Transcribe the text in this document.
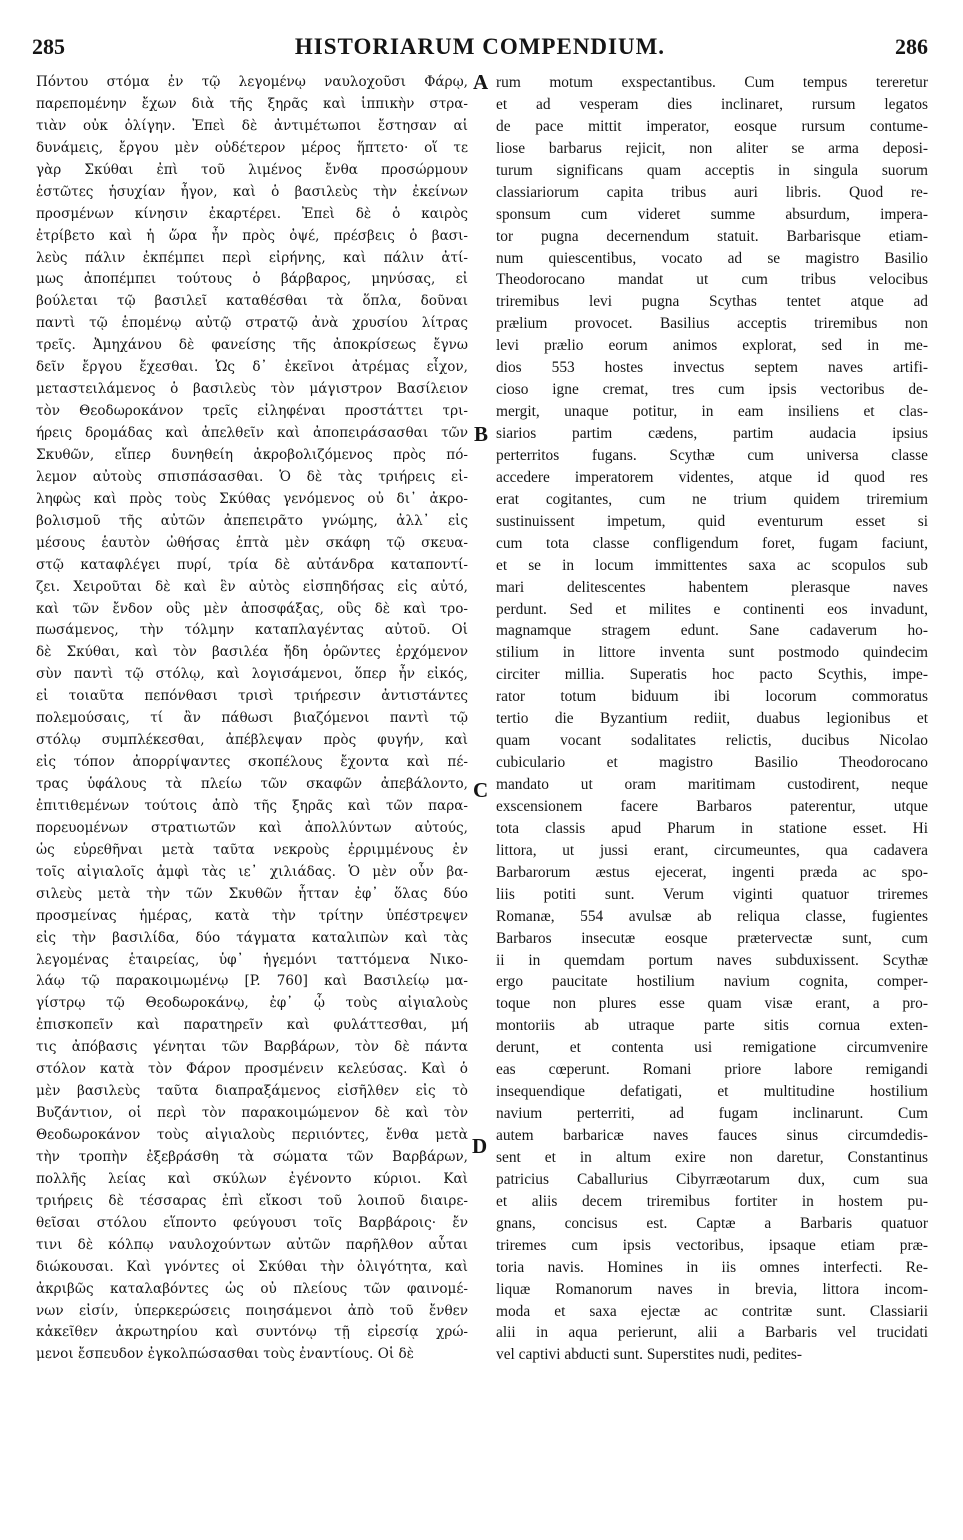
285	HISTORIARUM COMPENDIUM.	286
Πόντου στόμα ἐν τῷ λεγομένῳ ναυλοχοῦσι Φάρῳ,
παρεπομένην ἔχων διὰ τῆς ξηρᾶς καὶ ἱππικὴν στρα-
τιὰν οὐκ ὀλίγην. Ἐπεὶ δὲ ἀντιμέτωποι ἔστησαν αἱ
δυνάμεις, ἔργου μὲν οὐδέτερον μέρος ἥπτετο· οἵ τε
γὰρ Σκύθαι ἐπὶ τοῦ λιμένος ἔνθα προσώρμουν
ἑστῶτες ἡσυχίαν ἦγον, καὶ ὁ βασιλεὺς τὴν ἐκείνων
προσμένων κίνησιν ἐκαρτέρει. Ἐπεὶ δὲ ὁ καιρὸς
ἐτρίβετο καὶ ἡ ὥρα ἦν πρὸς ὀψέ, πρέσβεις ὁ βασι-
λεὺς πάλιν ἐκπέμπει περὶ εἰρήνης, καὶ πάλιν ἀτί-
μως ἀποπέμπει τούτους ὁ βάρβαρος, μηνύσας, εἰ
βούλεται τῷ βασιλεῖ καταθέσθαι τὰ ὅπλα, δοῦναι
παντὶ τῷ ἑπομένῳ αὐτῷ στρατῷ ἀνὰ χρυσίου λίτρας
τρεῖς. Ἀμηχάνου δὲ φανείσης τῆς ἀποκρίσεως ἔγνω
δεῖν ἔργου ἔχεσθαι. Ὡς δ᾽ ἐκεῖνοι ἀτρέμας εἶχον,
μεταστειλάμενος ὁ βασιλεὺς τὸν μάγιστρον Βασίλειον
τὸν Θεοδωροκάνον τρεῖς εἰληφέναι προστάττει τρι-
ήρεις δρομάδας καὶ ἀπελθεῖν καὶ ἀποπειράσασθαι τῶν
Σκυθῶν, εἴπερ δυνηθείη ἀκροβολιζόμενος πρὸς πό-
λεμον αὐτοὺς σπισπάσασθαι. Ὁ δὲ τὰς τριήρεις εἰ-
ληφὼς καὶ πρὸς τοὺς Σκύθας γενόμενος οὐ δι᾽ ἀκρο-
βολισμοῦ τῆς αὐτῶν ἀπεπειρᾶτο γνώμης, ἀλλ᾽ εἰς
μέσους ἑαυτὸν ὠθήσας ἑπτὰ μὲν σκάφη τῷ σκευα-
στῷ καταφλέγει πυρί, τρία δὲ αὐτάνδρα καταποντί-
ζει. Χειροῦται δὲ καὶ ἓν αὐτὸς εἰσπηδήσας εἰς αὐτό,
καὶ τῶν ἔνδον οὓς μὲν ἀποσφάξας, οὓς δὲ καὶ τρο-
πωσάμενος, τὴν τόλμην καταπλαγέντας αὐτοῦ. Οἱ
δὲ Σκύθαι, καὶ τὸν βασιλέα ἤδη ὁρῶντες ἐρχόμενον
σὺν παντὶ τῷ στόλῳ, καὶ λογισάμενοι, ὅπερ ἦν εἰκός,
εἰ τοιαῦτα πεπόνθασι τρισὶ τριήρεσιν ἀντιστάντες
πολεμούσαις, τί ἂν πάθωσι βιαζόμενοι παντὶ τῷ
στόλῳ συμπλέκεσθαι, ἀπέβλεψαν πρὸς φυγήν, καὶ
εἰς τόπον ἀπορρίψαντες σκοπέλους ἔχοντα καὶ πέ-
τρας ὑφάλους τὰ πλείω τῶν σκαφῶν ἀπεβάλοντο,
ἐπιτιθεμένων τούτοις ἀπὸ τῆς ξηρᾶς καὶ τῶν παρα-
πορευομένων στρατιωτῶν καὶ ἀπολλύντων αὐτούς,
ὡς εὑρεθῆναι μετὰ ταῦτα νεκροὺς ἐρριμμένους ἐν
τοῖς αἰγιαλοῖς ἀμφὶ τὰς ιε᾽ χιλιάδας. Ὁ μὲν οὖν βα-
σιλεὺς μετὰ τὴν τῶν Σκυθῶν ἧτταν ἐφ᾽ ὅλας δύο
προσμείνας ἡμέρας, κατὰ τὴν τρίτην ὑπέστρεψεν
εἰς τὴν βασιλίδα, δύο τάγματα καταλιπὼν καὶ τὰς
λεγομένας ἑταιρείας, ὑφ᾽ ἡγεμόνι ταττόμενα Νικο-
λάῳ τῷ παρακοιμωμένῳ [P. 760] καὶ Βασιλείῳ μα-
γίστρῳ τῷ Θεοδωροκάνῳ, ἐφ᾽ ᾧ τοὺς αἰγιαλοὺς
ἐπισκοπεῖν καὶ παρατηρεῖν καὶ φυλάττεσθαι, μή
τις ἀπόβασις γένηται τῶν Βαρβάρων, τὸν δὲ πάντα
στόλον κατὰ τὸν Φάρον προσμένειν κελεύσας. Καὶ ὁ
μὲν βασιλεὺς ταῦτα διαπραξάμενος εἰσῆλθεν εἰς τὸ
Βυζάντιον, οἱ περὶ τὸν παρακοιμώμενον δὲ καὶ τὸν
Θεοδωροκάνον τοὺς αἰγιαλοὺς περιιόντες, ἔνθα μετὰ
τὴν τροπὴν ἐξεβράσθη τὰ σώματα τῶν Βαρβάρων,
πολλῆς λείας καὶ σκύλων ἐγένοντο κύριοι. Καὶ
τριήρεις δὲ τέσσαρας ἐπὶ εἴκοσι τοῦ λοιποῦ διαιρε-
θεῖσαι στόλου εἵποντο φεύγουσι τοῖς Βαρβάροις· ἔν
τινι δὲ κόλπῳ ναυλοχούντων αὐτῶν παρῆλθον αὗται
διώκουσαι. Καὶ γνόντες οἱ Σκύθαι τὴν ὀλιγότητα, καὶ
ἀκριβῶς καταλαβόντες ὡς οὐ πλείους τῶν φαινομέ-
νων εἰσίν, ὑπερκερώσεις ποιησάμενοι ἀπὸ τοῦ ἔνθεν
κἀκεῖθεν ἀκρωτηρίου καὶ συντόνῳ τῇ εἰρεσίᾳ χρώ-
μενοι ἔσπευδον ἐγκολπώσασθαι τοὺς ἐναντίους. Οἱ δὲ
rum motum exspectantibus. Cum tempus tereretur
et ad vesperam dies inclinaret, rursum legatos
de pace mittit imperator, eosque rursum contume-
liose barbarus rejicit, non aliter se arma deposi-
turum significans quam acceptis in singula suorum
classiariorum capita tribus auri libris. Quod re-
sponsum cum videret summe absurdum, impera-
tor pugna decernendum statuit. Barbarisque etiam-
num quiescentibus, vocato ad se magistro Basilio
Theodorocano mandat ut cum tribus velocibus
triremibus levi pugna Scythas tentet atque ad
prælium provocet. Basilius acceptis triremibus non
levi prælio eorum animos explorat, sed in me-
dios 553 hostes invectus septem naves artifi-
cioso igne cremat, tres cum ipsis vectoribus de-
mergit, unaque potitur, in eam insiliens et clas-
siarios partim cædens, partim audacia ipsius
perterritos fugans. Scythæ cum universa classe
accedere imperatorem videntes, atque id quod res
erat cogitantes, cum ne trium quidem triremium
sustinuissent impetum, quid eventurum esset si
cum tota classe confligendum foret, fugam faciunt,
et se in locum immittentes saxa ac scopulos sub
mari delitescentes habentem plerasque naves
perdunt. Sed et milites e continenti eos invadunt,
magnamque stragem edunt. Sane cadaverum ho-
stilium in littore inventa sunt postmodo quindecim
circiter millia. Superatis hoc pacto Scythis, impe-
rator totum biduum ibi locorum commoratus
tertio die Byzantium rediit, duabus legionibus et
quam vocant sodalitates relictis, ducibus Nicolao
cubiculario et magistro Basilio Theodorocano
mandato ut oram maritimam custodirent, neque
exscensionem facere Barbaros paterentur, utque
tota classis apud Pharum in statione esset. Hi
littora, ut jussi erant, circumeuntes, qua cadavera
Barbarorum æstus ejecerat, ingenti præda ac spo-
liis potiti sunt. Verum viginti quatuor triremes
Romanæ, 554 avulsæ ab reliqua classe, fugientes
Barbaros insecutæ eosque prætervectæ sunt, cum
ii in quemdam portum naves subduxissent. Scythæ
ergo paucitate hostilium navium cognita, comper-
toque non plures esse quam visæ erant, a pro-
montoriis ab utraque parte sitis cornua exten-
derunt, et contenta usi remigatione circumvenire
eas cœperunt. Romani priore labore remigandi
insequendique defatigati, et multitudine hostilium
navium perterriti, ad fugam inclinarunt. Cum
autem barbaricæ naves fauces sinus circumdedis-
sent et in altum exire non daretur, Constantinus
patricius Caballurius Cibyrræotarum dux, cum sua
et aliis decem triremibus fortiter in hostem pu-
gnans, concisus est. Captæ a Barbaris quatuor
triremes cum ipsis vectoribus, ipsaque etiam præ-
toria navis. Homines in iis omnes interfecti. Re-
liquæ Romanorum naves in brevia, littora incom-
moda et saxa ejectæ ac contritæ sunt. Classiarii
alii in aqua perierunt, alii a Barbaris vel trucidati
vel captivi abducti sunt. Superstites nudi, pedites-
A
B
C
D
